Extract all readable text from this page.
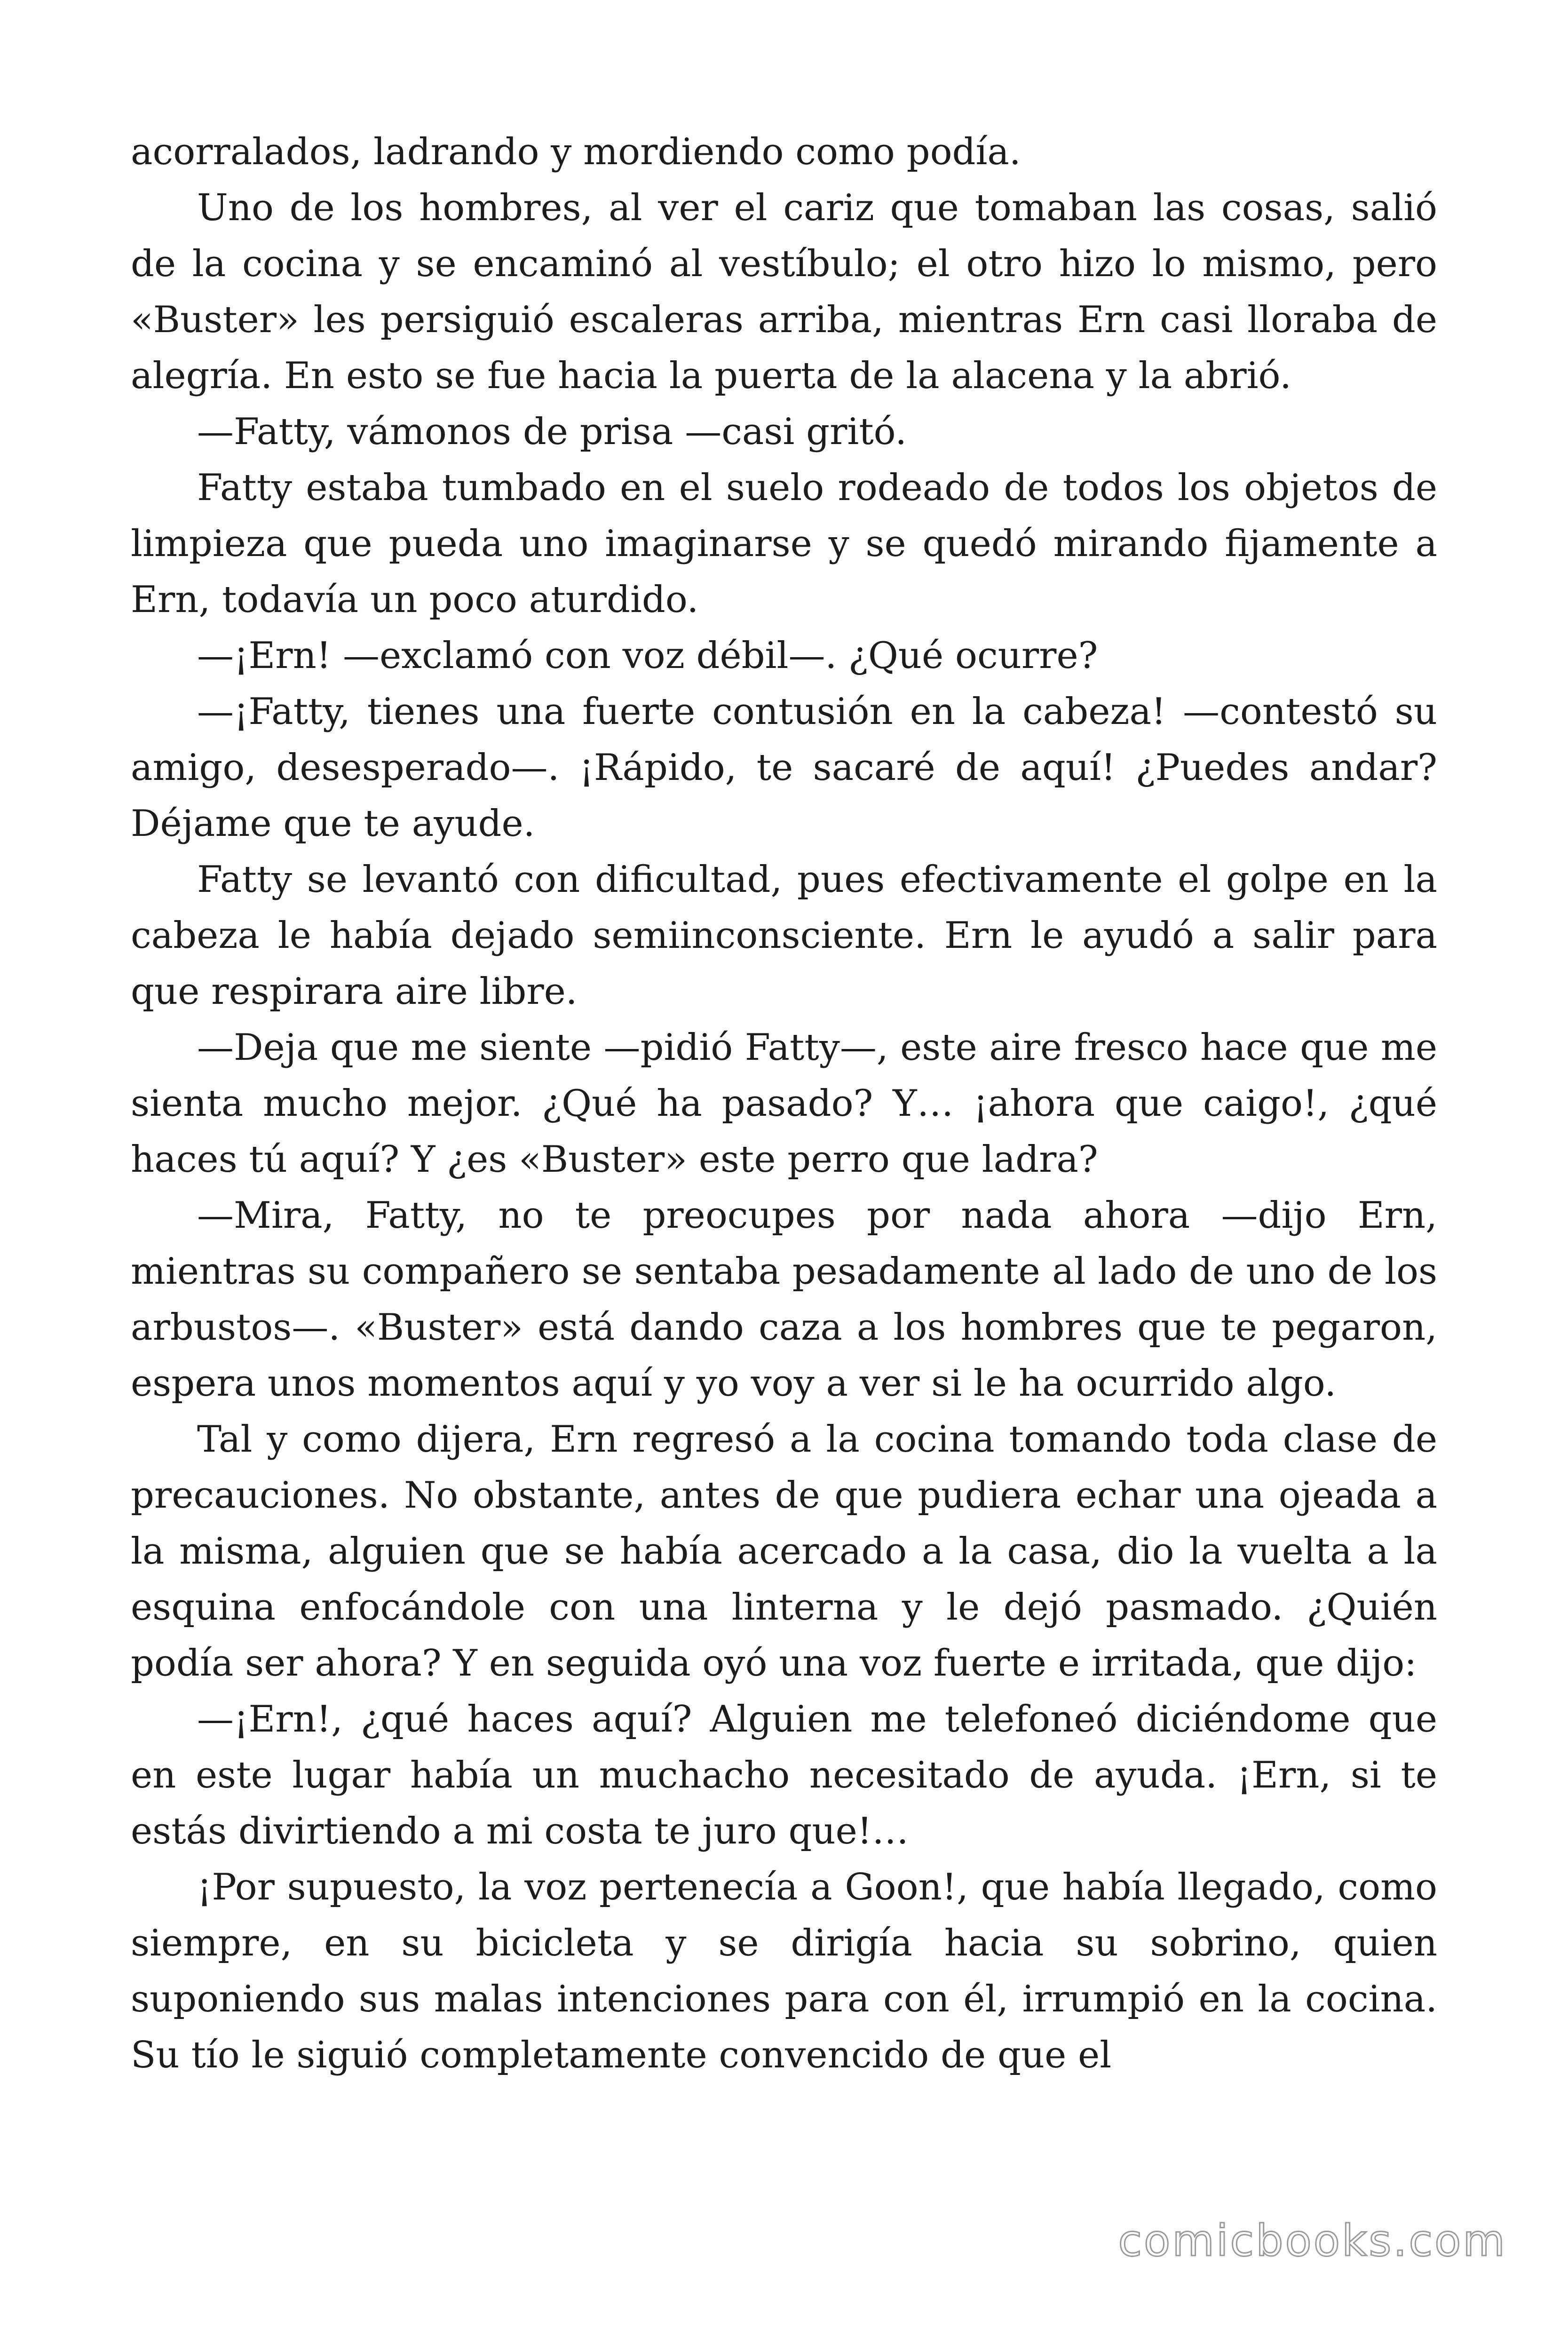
acorralados, ladrando y mordiendo como podía.

Uno de los hombres, al ver el cariz que tomaban las cosas, salió de la cocina y se encaminó al vestíbulo; el otro hizo lo mismo, pero «Buster» les persiguió escaleras arriba, mientras Ern casi lloraba de alegría. En esto se fue hacia la puerta de la alacena y la abrió.

—Fatty, vámonos de prisa —casi gritó.

Fatty estaba tumbado en el suelo rodeado de todos los objetos de limpieza que pueda uno imaginarse y se quedó mirando fijamente a Ern, todavía un poco aturdido.

—¡Ern! —exclamó con voz débil—. ¿Qué ocurre?

—¡Fatty, tienes una fuerte contusión en la cabeza! —contestó su amigo, desesperado—. ¡Rápido, te sacaré de aquí! ¿Puedes andar? Déjame que te ayude.

Fatty se levantó con dificultad, pues efectivamente el golpe en la cabeza le había dejado semiinconsciente. Ern le ayudó a salir para que respirara aire libre.

—Deja que me siente —pidió Fatty—, este aire fresco hace que me sienta mucho mejor. ¿Qué ha pasado? Y… ¡ahora que caigo!, ¿qué haces tú aquí? Y ¿es «Buster» este perro que ladra?

—Mira, Fatty, no te preocupes por nada ahora —dijo Ern, mientras su compañero se sentaba pesadamente al lado de uno de los arbustos—. «Buster» está dando caza a los hombres que te pegaron, espera unos momentos aquí y yo voy a ver si le ha ocurrido algo.

Tal y como dijera, Ern regresó a la cocina tomando toda clase de precauciones. No obstante, antes de que pudiera echar una ojeada a la misma, alguien que se había acercado a la casa, dio la vuelta a la esquina enfocándole con una linterna y le dejó pasmado. ¿Quién podía ser ahora? Y en seguida oyó una voz fuerte e irritada, que dijo:

—¡Ern!, ¿qué haces aquí? Alguien me telefoneó diciéndome que en este lugar había un muchacho necesitado de ayuda. ¡Ern, si te estás divirtiendo a mi costa te juro que!…

¡Por supuesto, la voz pertenecía a Goon!, que había llegado, como siempre, en su bicicleta y se dirigía hacia su sobrino, quien suponiendo sus malas intenciones para con él, irrumpió en la cocina. Su tío le siguió completamente convencido de que el

comicbooks.com
